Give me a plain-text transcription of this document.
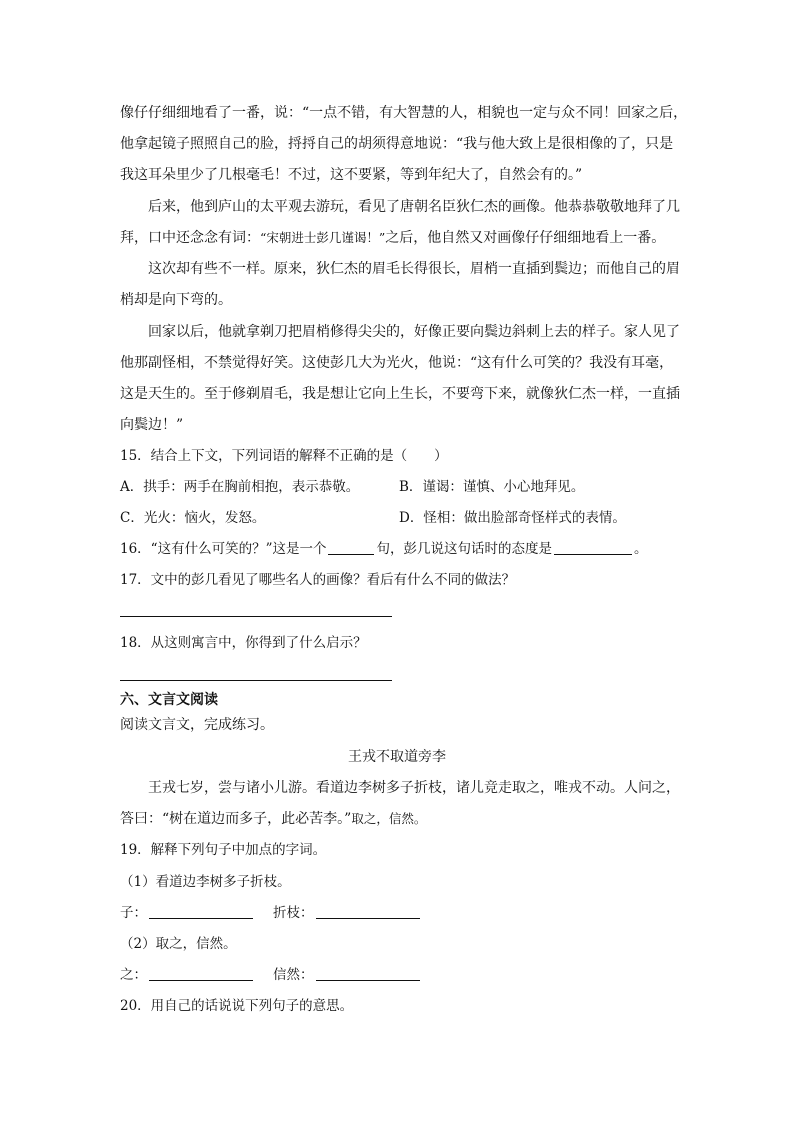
像仔仔细细地看了一番，说：“一点不错，有大智慧的人，相貌也一定与众不同！回家之后，
他拿起镜子照照自己的脸，捋捋自己的胡须得意地说：“我与他大致上是很相像的了，只是
我这耳朵里少了几根毫毛！不过，这不要紧，等到年纪大了，自然会有的。”
后来，他到庐山的太平观去游玩，看见了唐朝名臣狄仁杰的画像。他恭恭敬敬地拜了几
拜，口中还念念有词：“宋朝进士彭几谨谒！”之后，他自然又对画像仔仔细细地看上一番。
这次却有些不一样。原来，狄仁杰的眉毛长得很长，眉梢一直插到鬓边；而他自己的眉
梢却是向下弯的。
回家以后，他就拿剃刀把眉梢修得尖尖的，好像正要向鬓边斜刺上去的样子。家人见了
他那副怪相，不禁觉得好笑。这使彭几大为光火，他说：“这有什么可笑的？我没有耳毫，
这是天生的。至于修剃眉毛，我是想让它向上生长，不要弯下来，就像狄仁杰一样，一直插
向鬓边！”
15．结合上下文，下列词语的解释不正确的是（　　）
A．拱手：两手在胸前相抱，表示恭敬。	B．谨谒：谨慎、小心地拜见。
C．光火：恼火，发怒。	D．怪相：做出脸部奇怪样式的表情。
16．“这有什么可笑的？”这是一个	句，彭几说这句话时的态度是	。
17．文中的彭几看见了哪些名人的画像？看后有什么不同的做法？
18．从这则寓言中，你得到了什么启示？
六、文言文阅读
阅读文言文，完成练习。
王戎不取道旁李
王戎七岁，尝与诸小儿游。看道边李树多子折枝，诸儿竞走取之，唯戎不动。人问之，
答曰：“树在道边而多子，此必苦李。”取之，信然。
19．解释下列句子中加点的字词。
（1）看道边李树多子折枝。
子：	折枝：
（2）取之，信然。
之：	信然：
20．用自己的话说说下列句子的意思。
